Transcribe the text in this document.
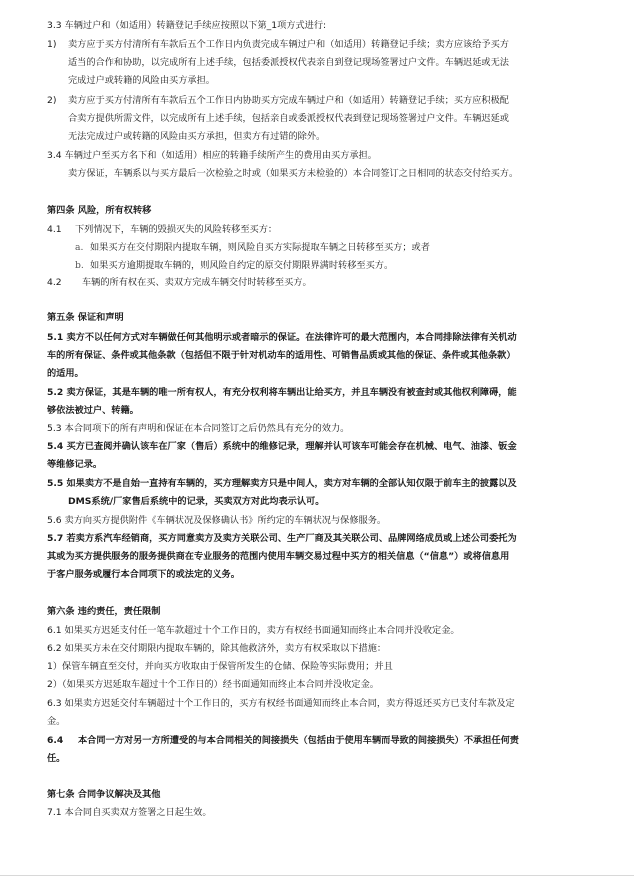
3.3 车辆过户和（如适用）转籍登记手续应按照以下第_1项方式进行:
1) 卖方应于买方付清所有车款后五个工作日内负责完成车辆过户和（如适用）转籍登记手续；卖方应该给予买方
适当的合作和协助，以完成所有上述手续，包括委派授权代表亲自到登记现场签署过户文件。车辆迟延或无法
完成过户或转籍的风险由买方承担。
2) 卖方应于买方付清所有车款后五个工作日内协助买方完成车辆过户和（如适用）转籍登记手续；买方应积极配
合卖方提供所需文件，以完成所有上述手续，包括亲自或委派授权代表到登记现场签署过户文件。车辆迟延或
无法完成过户或转籍的风险由买方承担，但卖方有过错的除外。
3.4 车辆过户至买方名下和（如适用）相应的转籍手续所产生的费用由买方承担。
卖方保证，车辆系以与买方最后一次检验之时或（如果买方未检验的）本合同签订之日相同的状态交付给买方。
第四条 风险，所有权转移
4.1 下列情况下，车辆的毁损灭失的风险转移至买方：
a. 如果买方在交付期限内提取车辆，则风险自买方实际提取车辆之日转移至买方；或者
b. 如果买方逾期提取车辆的，则风险自约定的原交付期限界满时转移至买方。
4.2 车辆的所有权在买、卖双方完成车辆交付时转移至买方。
第五条 保证和声明
5.1 卖方不以任何方式对车辆做任何其他明示或者暗示的保证。在法律许可的最大范围内，本合同排除法律有关机动
车的所有保证、条件或其他条款（包括但不限于针对机动车的适用性、可销售品质或其他的保证、条件或其他条款）
的适用。
5.2 卖方保证，其是车辆的唯一所有权人，有充分权利将车辆出让给买方，并且车辆没有被查封或其他权利障碍，能
够依法被过户、转籍。
5.3 本合同项下的所有声明和保证在本合同签订之后仍然具有充分的效力。
5.4 买方已查阅并确认该车在厂家（售后）系统中的维修记录，理解并认可该车可能会存在机械、电气、油漆、钣金
等维修记录。
5.5 如果卖方不是自始一直持有车辆的，买方理解卖方只是中间人，卖方对车辆的全部认知仅限于前车主的披露以及
DMS系统/厂家售后系统中的记录，买卖双方对此均表示认可。
5.6 卖方向买方提供附件《车辆状况及保修确认书》所约定的车辆状况与保修服务。
5.7 若卖方系汽车经销商，买方同意卖方及卖方关联公司、生产厂商及其关联公司、品牌网络成员或上述公司委托为
其或为买方提供服务的服务提供商在专业服务的范围内使用车辆交易过程中买方的相关信息（“信息”）或将信息用
于客户服务或履行本合同项下的或法定的义务。
第六条 违约责任，责任限制
6.1 如果买方迟延支付任一笔车款超过十个工作日的，卖方有权经书面通知而终止本合同并没收定金。
6.2 如果买方未在交付期限内提取车辆的，除其他救济外，卖方有权采取以下措施：
1）保管车辆直至交付，并向买方收取由于保管所发生的仓储、保险等实际费用；并且
2）（如果买方迟延取车超过十个工作日的）经书面通知而终止本合同并没收定金。
6.3 如果卖方迟延交付车辆超过十个工作日的，买方有权经书面通知而终止本合同，卖方得返还买方已支付车款及定
金。
6.4 本合同一方对另一方所遭受的与本合同相关的间接损失（包括由于使用车辆而导致的间接损失）不承担任何责
任。
第七条 合同争议解决及其他
7.1 本合同自买卖双方签署之日起生效。
